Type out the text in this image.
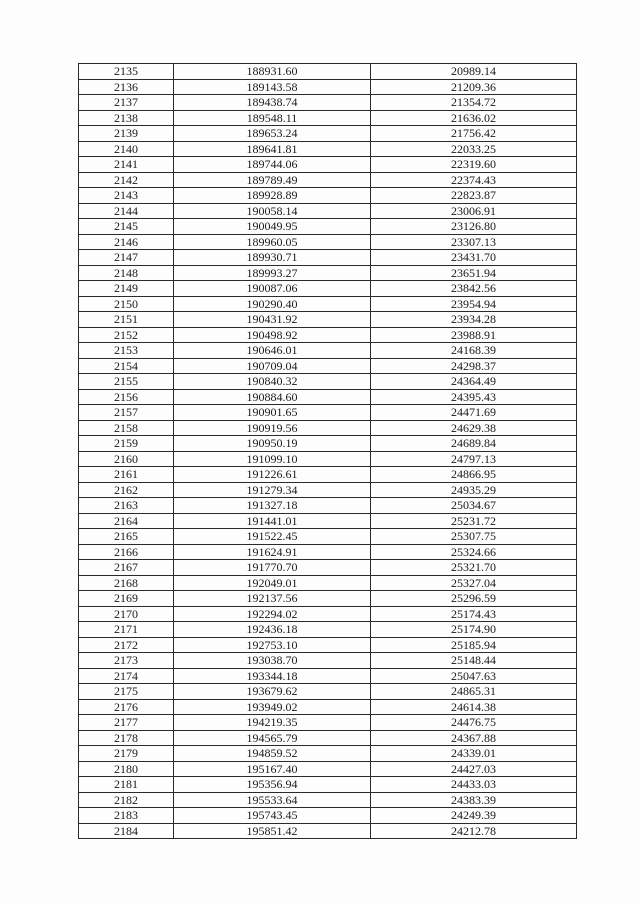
2135	188931.60	20989.14
2136	189143.58	21209.36
2137	189438.74	21354.72
2138	189548.11	21636.02
2139	189653.24	21756.42
2140	189641.81	22033.25
2141	189744.06	22319.60
2142	189789.49	22374.43
2143	189928.89	22823.87
2144	190058.14	23006.91
2145	190049.95	23126.80
2146	189960.05	23307.13
2147	189930.71	23431.70
2148	189993.27	23651.94
2149	190087.06	23842.56
2150	190290.40	23954.94
2151	190431.92	23934.28
2152	190498.92	23988.91
2153	190646.01	24168.39
2154	190709.04	24298.37
2155	190840.32	24364.49
2156	190884.60	24395.43
2157	190901.65	24471.69
2158	190919.56	24629.38
2159	190950.19	24689.84
2160	191099.10	24797.13
2161	191226.61	24866.95
2162	191279.34	24935.29
2163	191327.18	25034.67
2164	191441.01	25231.72
2165	191522.45	25307.75
2166	191624.91	25324.66
2167	191770.70	25321.70
2168	192049.01	25327.04
2169	192137.56	25296.59
2170	192294.02	25174.43
2171	192436.18	25174.90
2172	192753.10	25185.94
2173	193038.70	25148.44
2174	193344.18	25047.63
2175	193679.62	24865.31
2176	193949.02	24614.38
2177	194219.35	24476.75
2178	194565.79	24367.88
2179	194859.52	24339.01
2180	195167.40	24427.03
2181	195356.94	24433.03
2182	195533.64	24383.39
2183	195743.45	24249.39
2184	195851.42	24212.78
